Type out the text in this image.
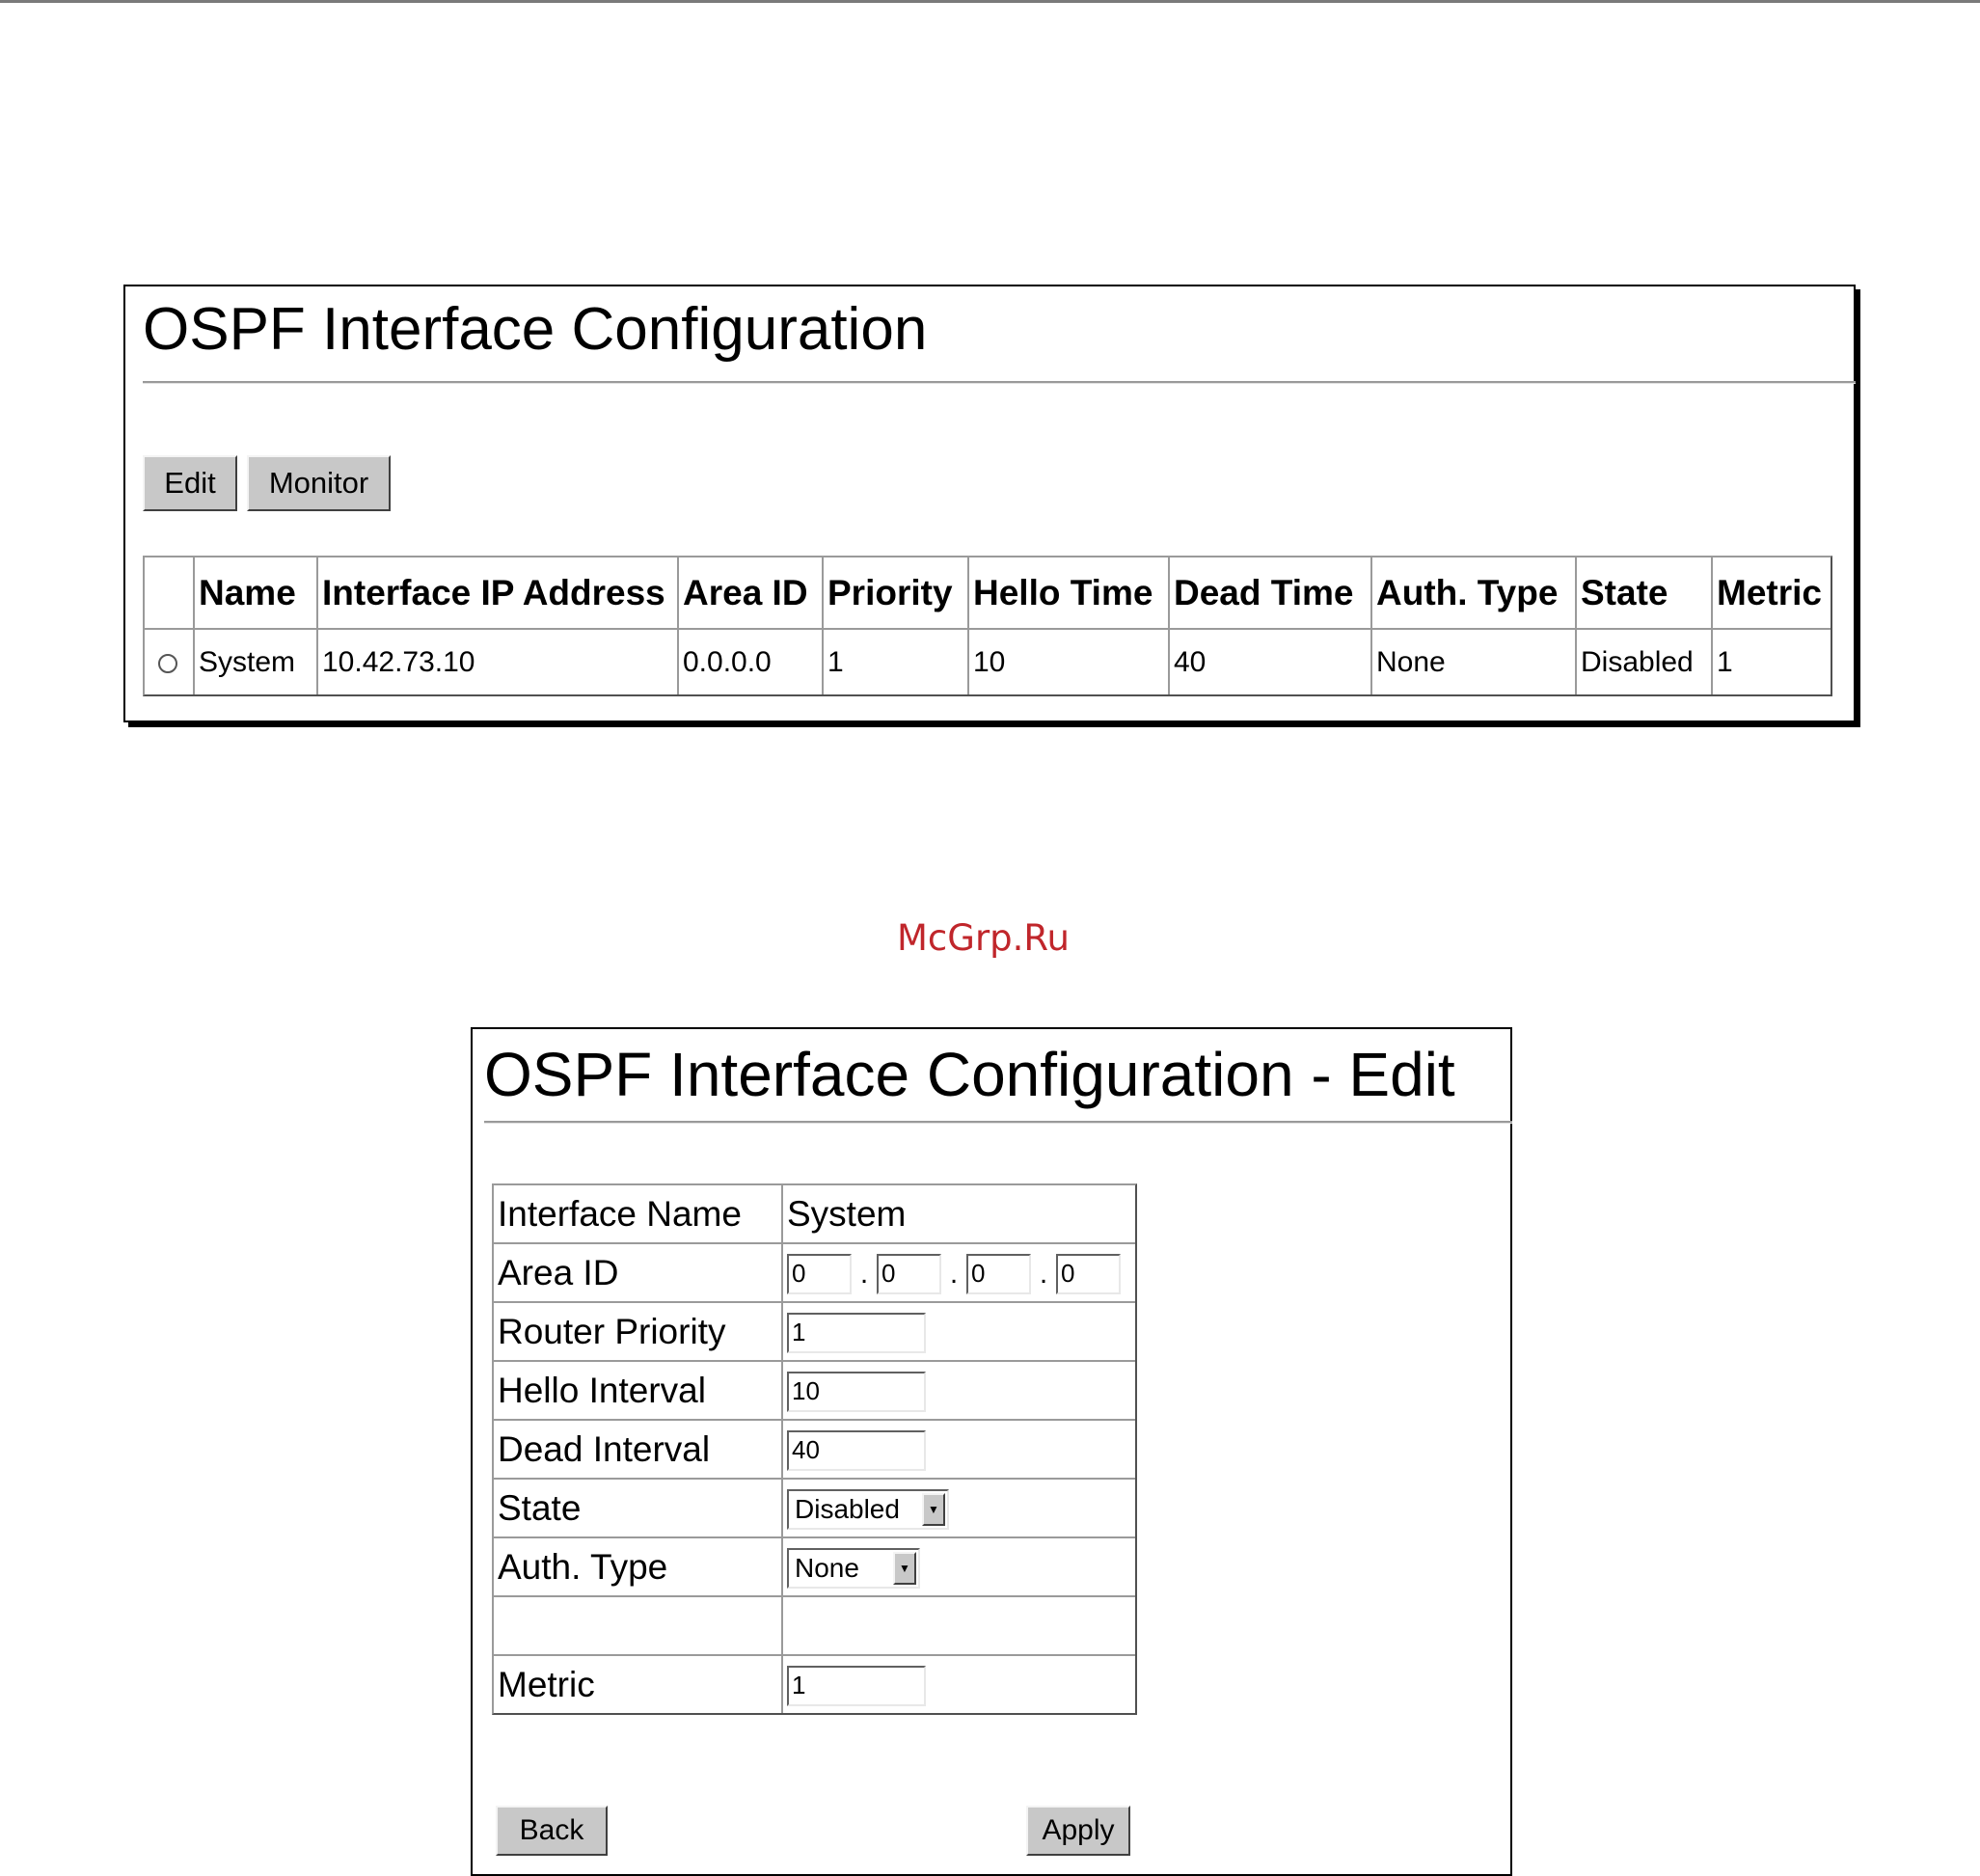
OSPF Interface Configuration
Edit	Monitor
	Name	Interface IP Address	Area ID	Priority	Hello Time	Dead Time	Auth. Type	State	Metric
	System	10.42.73.10	0.0.0.0	1	10	40	None	Disabled	1
McGrp.Ru
OSPF Interface Configuration - Edit
Interface Name	System
Area ID	0.0 .0 .0
Router Priority	1
Hello Interval	10
Dead Interval	40
State	Disabled ▼

Auth. Type	None ▼

Metric	1
Back	Apply
